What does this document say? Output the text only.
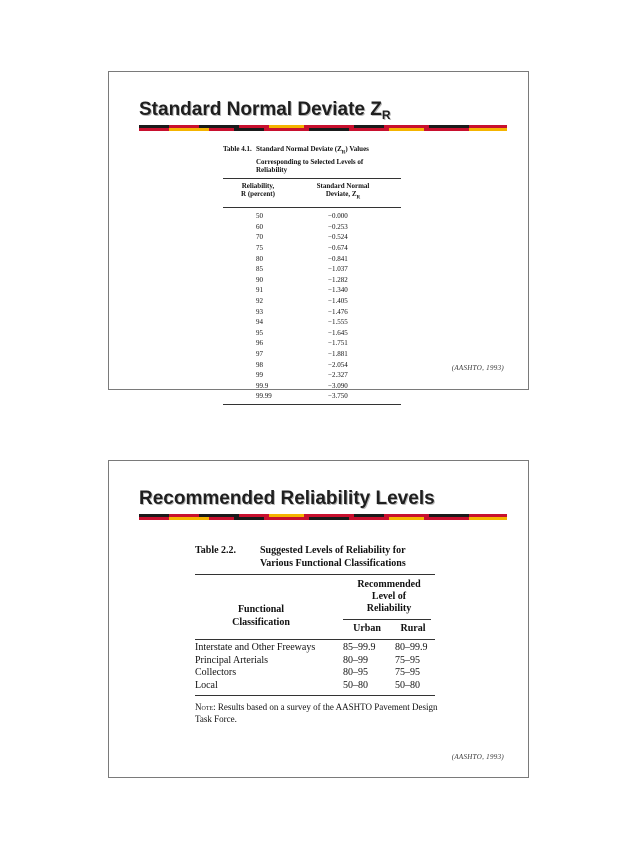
Standard Normal Deviate $Z_R$
Table 4.1. Standard Normal Deviate $(Z_R)$ Values Corresponding to Selected Levels of Reliability
Reliability,
R (percent)
Standard Normal
Deviate, $Z_R$
50	−0.000
60	−0.253
70	−0.524
75	−0.674
80	−0.841
85	−1.037
90	−1.282
91	−1.340
92	−1.405
93	−1.476
94	−1.555
95	−1.645
96	−1.751
97	−1.881
98	−2.054
99	−2.327
99.9	−3.090
99.99	−3.750
(AASHTO, 1993)
Recommended Reliability Levels
Table 2.2.	Suggested Levels of Reliability for
Various Functional Classifications
Recommended
Level of
Reliability
Functional
Classification
Urban	Rural
Interstate and Other Freeways	85–99.9	80–99.9
Principal Arterials	80–99	75–95
Collectors	80–95	75–95
Local	50–80	50–80
Note: Results based on a survey of the AASHTO Pavement Design Task Force.
(AASHTO, 1993)
